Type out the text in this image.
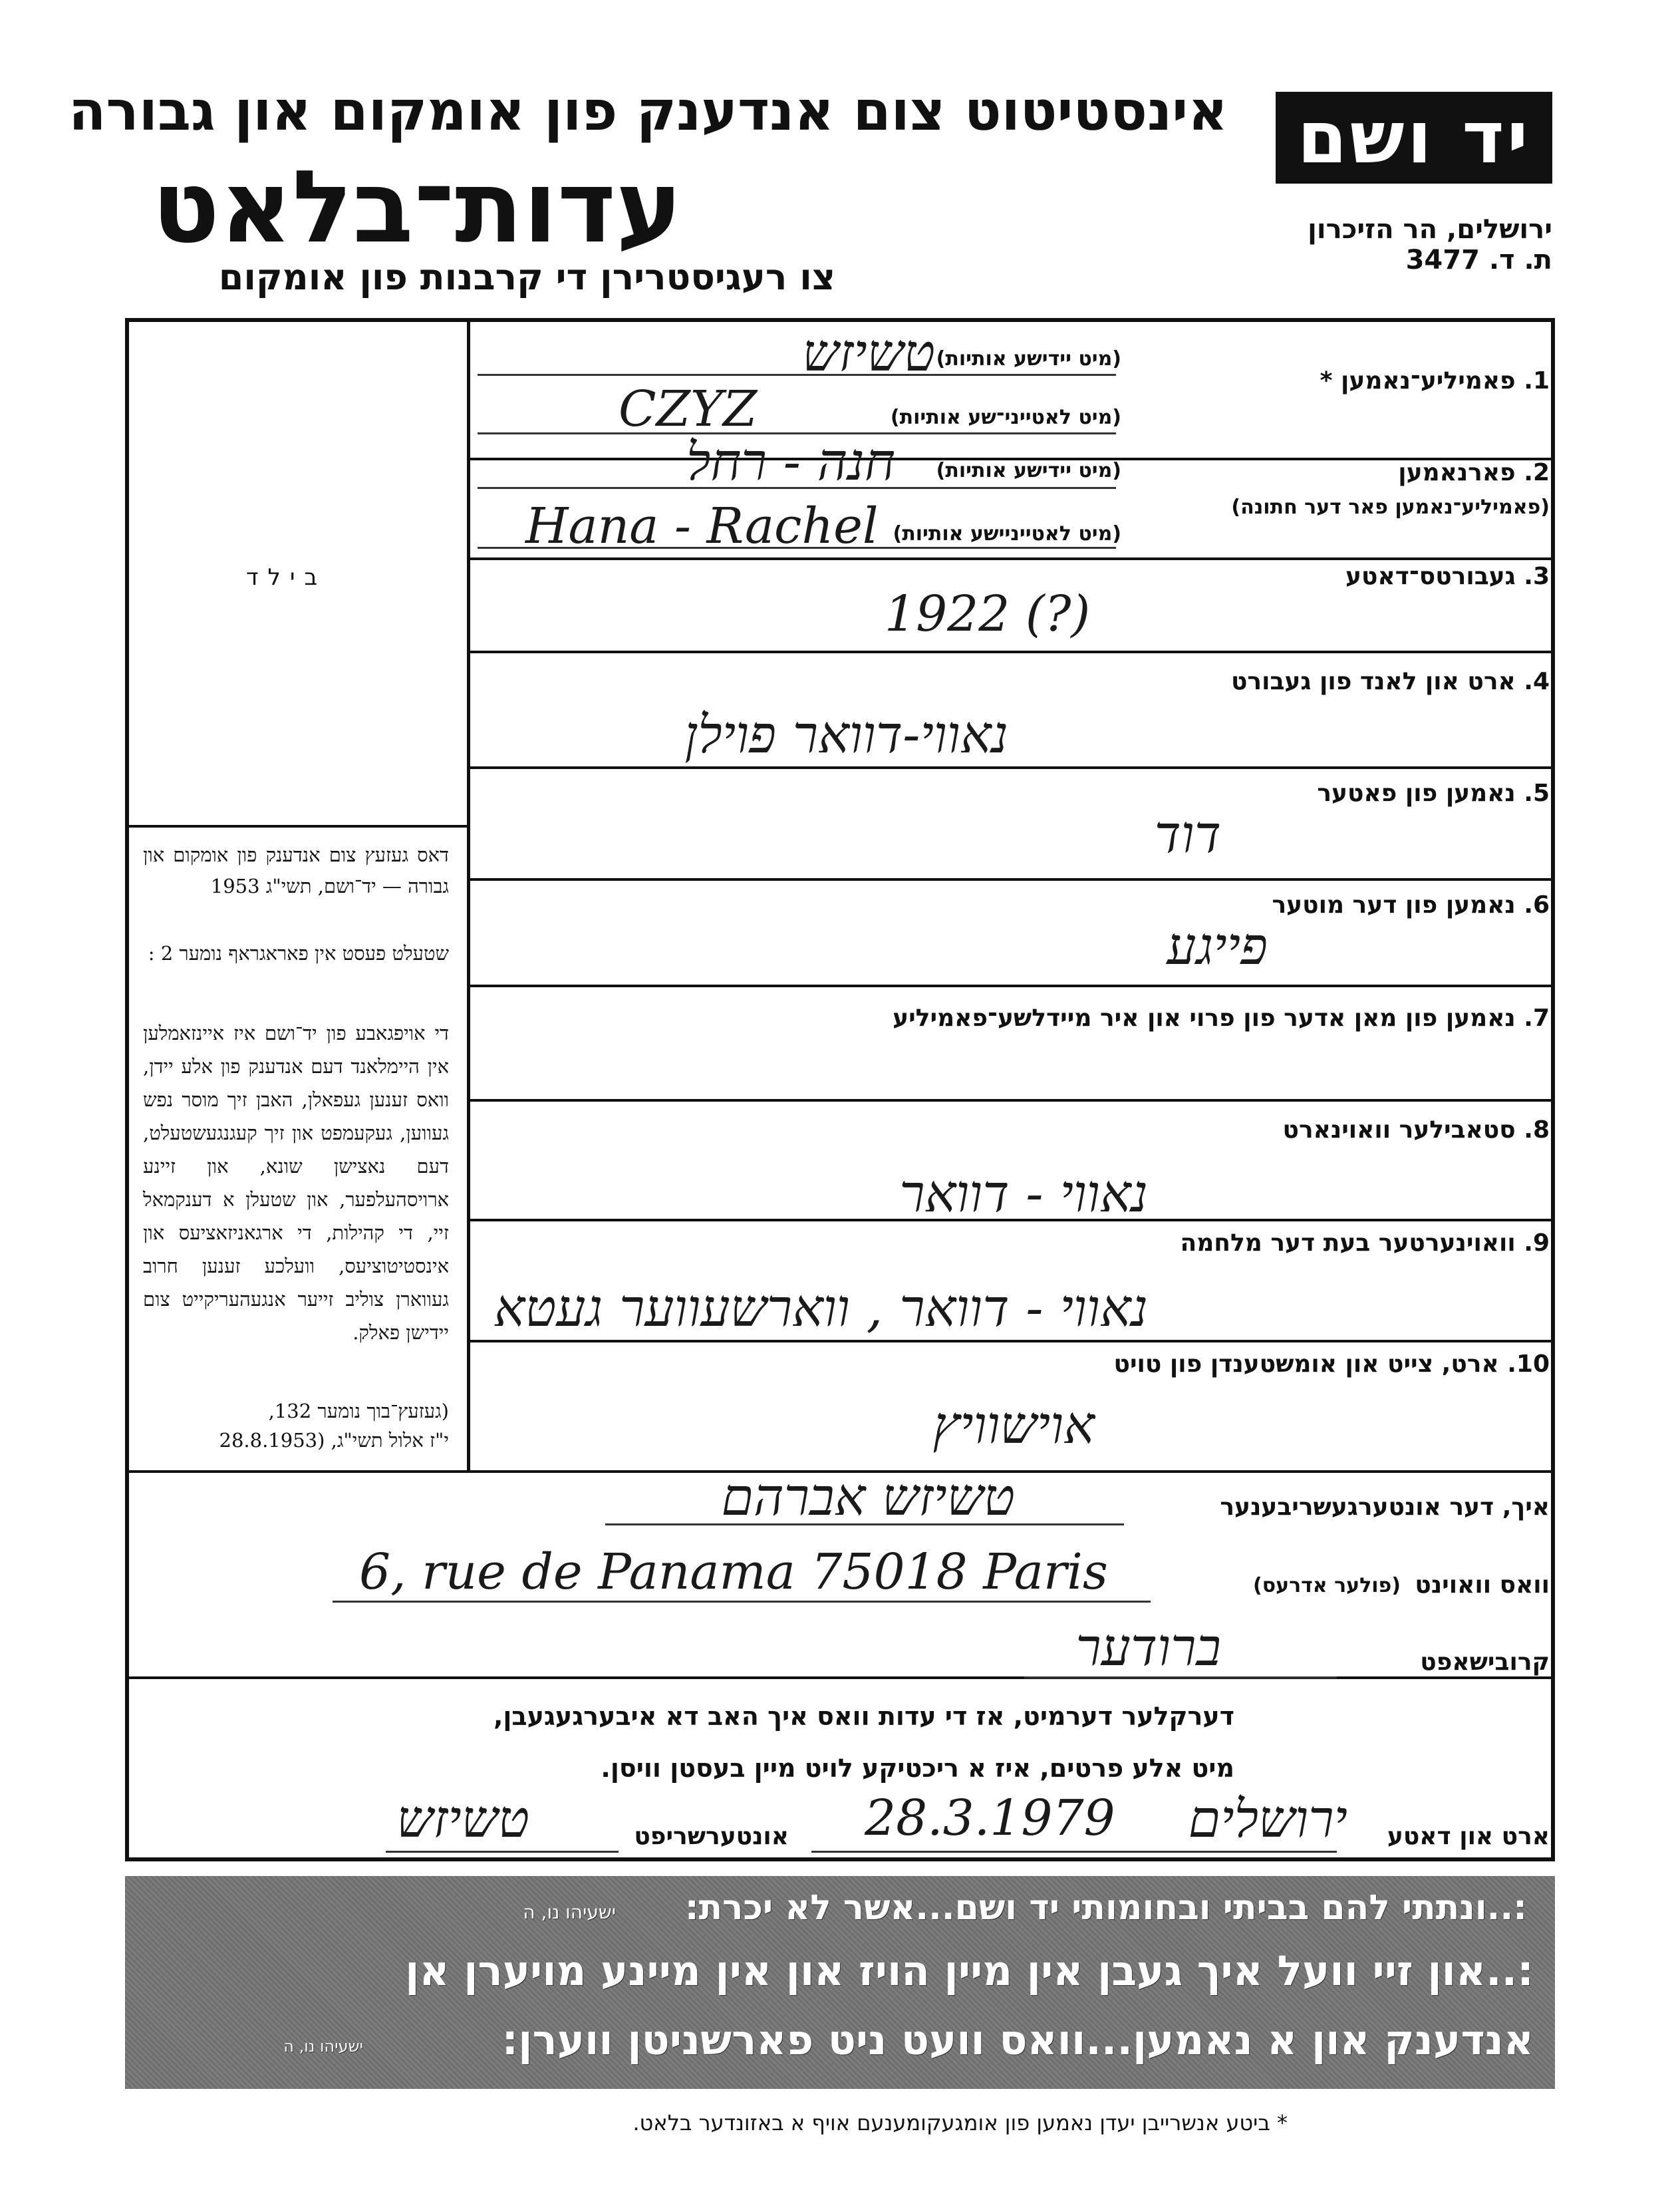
יד ושם
אינסטיטוט צום אנדענק פון אומקום און גבורה
עדות־בלאט
צו רעגיסטרירן די קרבנות פון אומקום
ירושלים, הר הזיכרון
ת. ד. 3477
בילד
דאס געזעץ צום אנדענק פון אומקום און גבורה — יד־ושם, תשי"ג 1953
שטעלט פעסט אין פאראגראף נומער 2 :
די אויפגאבע פון יד־ושם איז איינזאמלען אין היימלאנד דעם אנדענק פון אלע יידן, וואס זענען געפאלן, האבן זיך מוסר נפש געווען, געקעמפט און זיך קעגנגעשטעלט, דעם נאצישן שונא, און זיינע ארויסהעלפער, און שטעלן א דענקמאל זיי, די קהילות, די ארגאניזאציעס און אינסטיטוציעס, וועלכע זענען חרוב געווארן צוליב זייער אנגעהעריקייט צום יידישן פאלק.
(געזעץ־בוך נומער 132,
י"ז אלול תשי"ג, (28.8.1953
1. פאמיליע־נאמען *
(מיט יידישע אותיות)
(מיט לאטייני־שע אותיות)
טשיזש
CZYZ
2. פארנאמען
(פאמיליע־נאמען פאר דער חתונה)
(מיט יידישע אותיות)
(מיט לאטייניישע אותיות)
חנה - רחל
Hana - Rachel
3. געבורטס־דאטע
1922 (?)
4. ארט און לאנד פון געבורט
נאווי-דוואר פוילן
5. נאמען פון פאטער
דוד
6. נאמען פון דער מוטער
פייגע
7. נאמען פון מאן אדער פון פרוי און איר מיידלשע־פאמיליע
8. סטאבילער וואוינארט
נאווי - דוואר
9. וואוינערטער בעת דער מלחמה
נאווי - דוואר , ווארשעווער געטא
10. ארט, צייט און אומשטענדן פון טויט
אוישוויץ
איך, דער אונטערגעשריבענער
טשיזש אברהם
וואס וואוינט
(פולער אדרעס)
6, rue de Panama 75018 Paris
קרובישאפט
ברודער
דערקלער דערמיט, אז די עדות וואס איך האב דא איבערגעגעבן,
מיט אלע פרטים, איז א ריכטיקע לויט מיין בעסטן וויסן.
ארט און דאטע
ירושלים
28.3.1979
אונטערשריפט
טשיזש
:..ונתתי להם בביתי ובחומותי יד ושם...אשר לא יכרת:
ישעיהו נו, ה
:..און זיי וועל איך געבן אין מיין הויז און אין מיינע מויערן אן
אנדענק און א נאמען...וואס וועט ניט פארשניטן ווערן:
ישעיהו נו, ה
* ביטע אנשרייבן יעדן נאמען פון אומגעקומענעם אויף א באזונדער בלאט.
